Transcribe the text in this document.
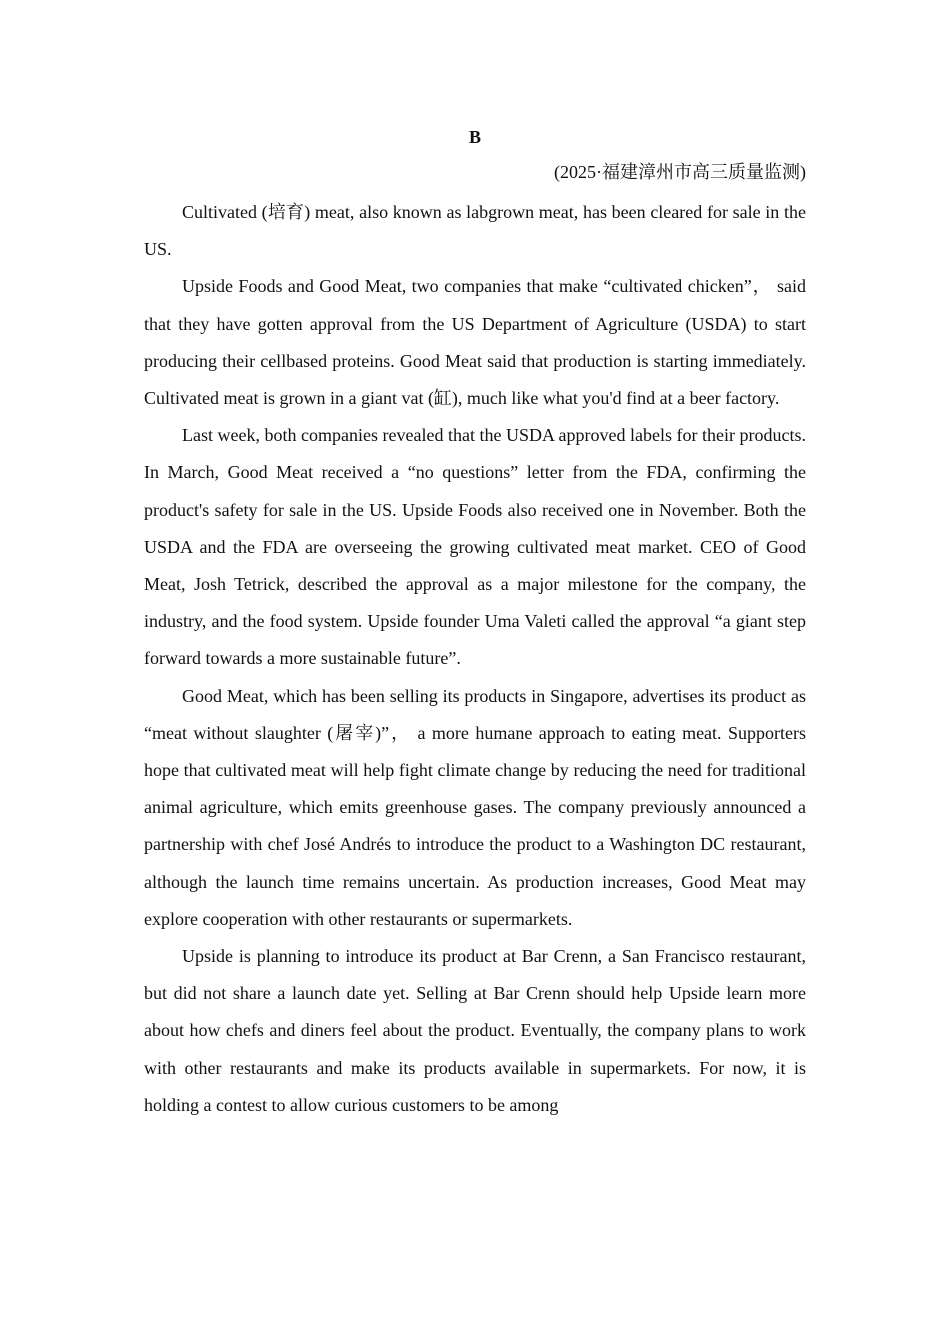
B
(2025·福建漳州市高三质量监测)

Cultivated (培育) meat, also known as labgrown meat, has been cleared for sale in the US.

Upside Foods and Good Meat, two companies that make “cultivated chicken”， said that they have gotten approval from the US Department of Agriculture (USDA) to start producing their cellbased proteins. Good Meat said that production is starting immediately. Cultivated meat is grown in a giant vat (缸), much like what you'd find at a beer factory.

Last week, both companies revealed that the USDA approved labels for their products. In March, Good Meat received a “no questions” letter from the FDA, confirming the product's safety for sale in the US. Upside Foods also received one in November. Both the USDA and the FDA are overseeing the growing cultivated meat market. CEO of Good Meat, Josh Tetrick, described the approval as a major milestone for the company, the industry, and the food system. Upside founder Uma Valeti called the approval “a giant step forward towards a more sustainable future”.

Good Meat, which has been selling its products in Singapore, advertises its product as “meat without slaughter (屠宰)”， a more humane approach to eating meat. Supporters hope that cultivated meat will help fight climate change by reducing the need for traditional animal agriculture, which emits greenhouse gases. The company previously announced a partnership with chef José Andrés to introduce the product to a Washington DC restaurant, although the launch time remains uncertain. As production increases, Good Meat may explore cooperation with other restaurants or supermarkets.

Upside is planning to introduce its product at Bar Crenn, a San Francisco restaurant, but did not share a launch date yet. Selling at Bar Crenn should help Upside learn more about how chefs and diners feel about the product. Eventually, the company plans to work with other restaurants and make its products available in supermarkets. For now, it is holding a contest to allow curious customers to be among
